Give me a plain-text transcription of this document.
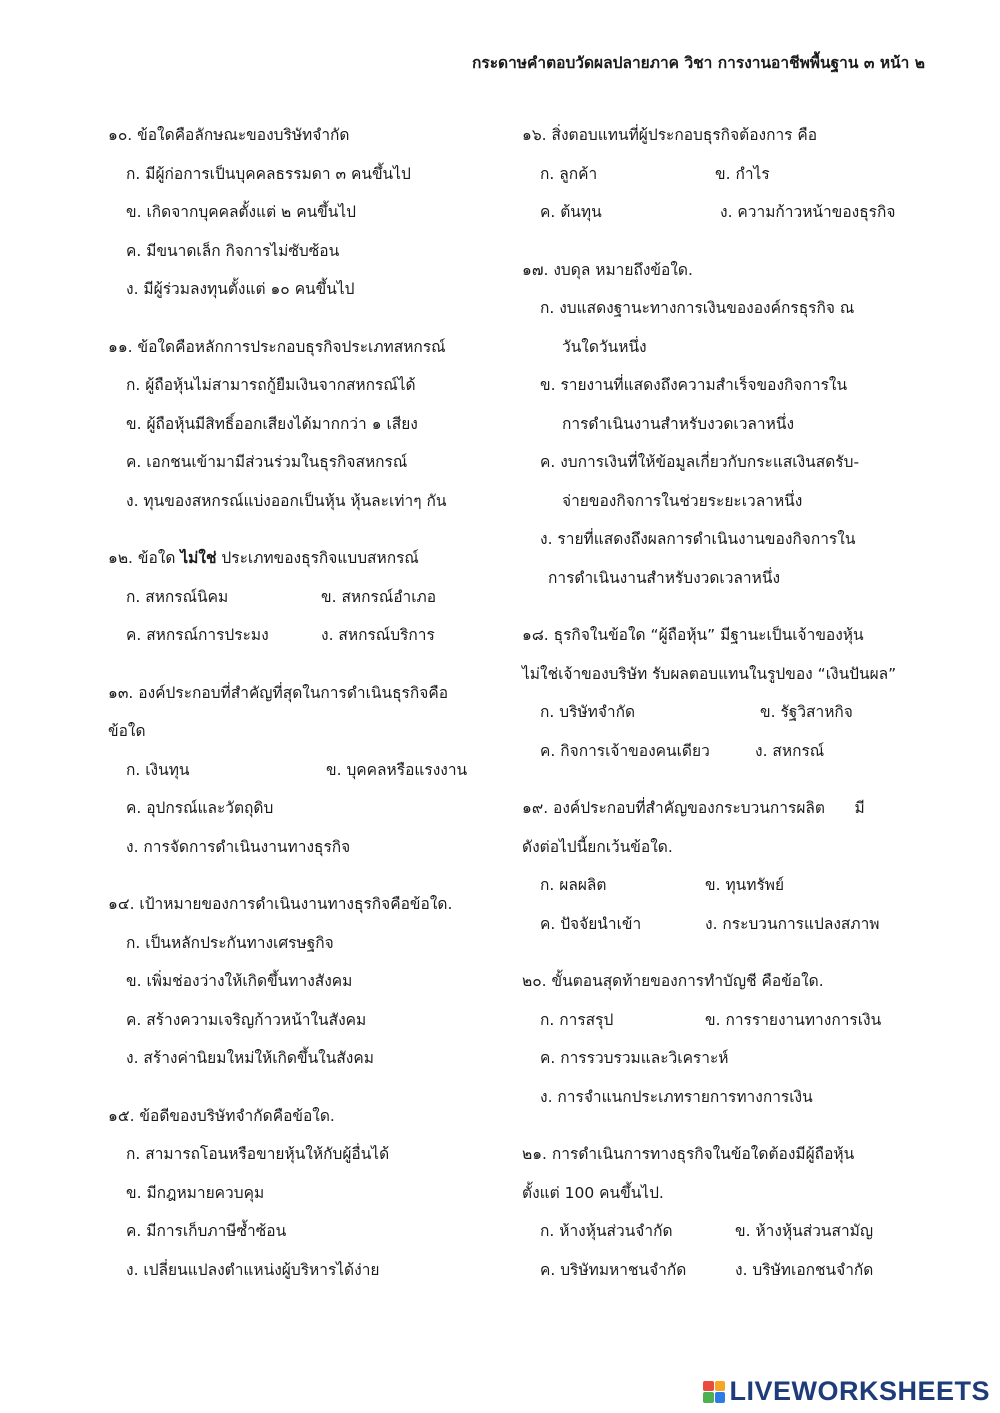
กระดาษคำตอบวัดผลปลายภาค วิชา การงานอาชีพพื้นฐาน ๓ หน้า ๒
๑๐. ข้อใดคือลักษณะของบริษัทจำกัด
ก. มีผู้ก่อการเป็นบุคคลธรรมดา ๓ คนขึ้นไป
ข. เกิดจากบุคคลตั้งแต่ ๒ คนขึ้นไป
ค. มีขนาดเล็ก กิจการไม่ซับซ้อน
ง. มีผู้ร่วมลงทุนตั้งแต่ ๑๐ คนขึ้นไป
๑๑. ข้อใดคือหลักการประกอบธุรกิจประเภทสหกรณ์
ก. ผู้ถือหุ้นไม่สามารถกู้ยืมเงินจากสหกรณ์ได้
ข. ผู้ถือหุ้นมีสิทธิ์ออกเสียงได้มากกว่า ๑ เสียง
ค. เอกชนเข้ามามีส่วนร่วมในธุรกิจสหกรณ์
ง. ทุนของสหกรณ์แบ่งออกเป็นหุ้น หุ้นละเท่าๆ กัน
๑๒. ข้อใด ไม่ใช่ ประเภทของธุรกิจแบบสหกรณ์
ก. สหกรณ์นิคม	ข. สหกรณ์อำเภอ
ค. สหกรณ์การประมง	ง. สหกรณ์บริการ
๑๓. องค์ประกอบที่สำคัญที่สุดในการดำเนินธุรกิจคือ
ข้อใด
ก. เงินทุน	ข. บุคคลหรือแรงงาน
ค. อุปกรณ์และวัตถุดิบ
ง. การจัดการดำเนินงานทางธุรกิจ
๑๔. เป้าหมายของการดำเนินงานทางธุรกิจคือข้อใด.
ก. เป็นหลักประกันทางเศรษฐกิจ
ข. เพิ่มช่องว่างให้เกิดขึ้นทางสังคม
ค. สร้างความเจริญก้าวหน้าในสังคม
ง. สร้างค่านิยมใหม่ให้เกิดขึ้นในสังคม
๑๕. ข้อดีของบริษัทจำกัดคือข้อใด.
ก. สามารถโอนหรือขายหุ้นให้กับผู้อื่นได้
ข. มีกฎหมายควบคุม
ค. มีการเก็บภาษีซ้ำซ้อน
ง. เปลี่ยนแปลงตำแหน่งผู้บริหารได้ง่าย
๑๖. สิ่งตอบแทนที่ผู้ประกอบธุรกิจต้องการ คือ
ก. ลูกค้า	ข. กำไร
ค. ต้นทุน	ง. ความก้าวหน้าของธุรกิจ
๑๗. งบดุล หมายถึงข้อใด.
ก. งบแสดงฐานะทางการเงินขององค์กรธุรกิจ ณ
วันใดวันหนึ่ง
ข. รายงานที่แสดงถึงความสำเร็จของกิจการใน
การดำเนินงานสำหรับงวดเวลาหนึ่ง
ค. งบการเงินที่ให้ข้อมูลเกี่ยวกับกระแสเงินสดรับ-
จ่ายของกิจการในช่วยระยะเวลาหนึ่ง
ง. รายที่แสดงถึงผลการดำเนินงานของกิจการใน
การดำเนินงานสำหรับงวดเวลาหนึ่ง
๑๘. ธุรกิจในข้อใด “ผู้ถือหุ้น” มีฐานะเป็นเจ้าของหุ้น
ไม่ใช่เจ้าของบริษัท รับผลตอบแทนในรูปของ “เงินปันผล”
ก. บริษัทจำกัด	ข. รัฐวิสาหกิจ
ค. กิจการเจ้าของคนเดียว	ง. สหกรณ์
๑๙. องค์ประกอบที่สำคัญของกระบวนการผลิต      มี
ดังต่อไปนี้ยกเว้นข้อใด.
ก. ผลผลิต	ข. ทุนทรัพย์
ค. ปัจจัยนำเข้า	ง. กระบวนการแปลงสภาพ
๒๐. ขั้นตอนสุดท้ายของการทำบัญชี คือข้อใด.
ก. การสรุป	ข. การรายงานทางการเงิน
ค. การรวบรวมและวิเคราะห์
ง. การจำแนกประเภทรายการทางการเงิน
๒๑. การดำเนินการทางธุรกิจในข้อใดต้องมีผู้ถือหุ้น
ตั้งแต่ 100 คนขึ้นไป.
ก. ห้างหุ้นส่วนจำกัด	ข. ห้างหุ้นส่วนสามัญ
ค. บริษัทมหาชนจำกัด	ง. บริษัทเอกชนจำกัด
LIVEWORKSHEETS
